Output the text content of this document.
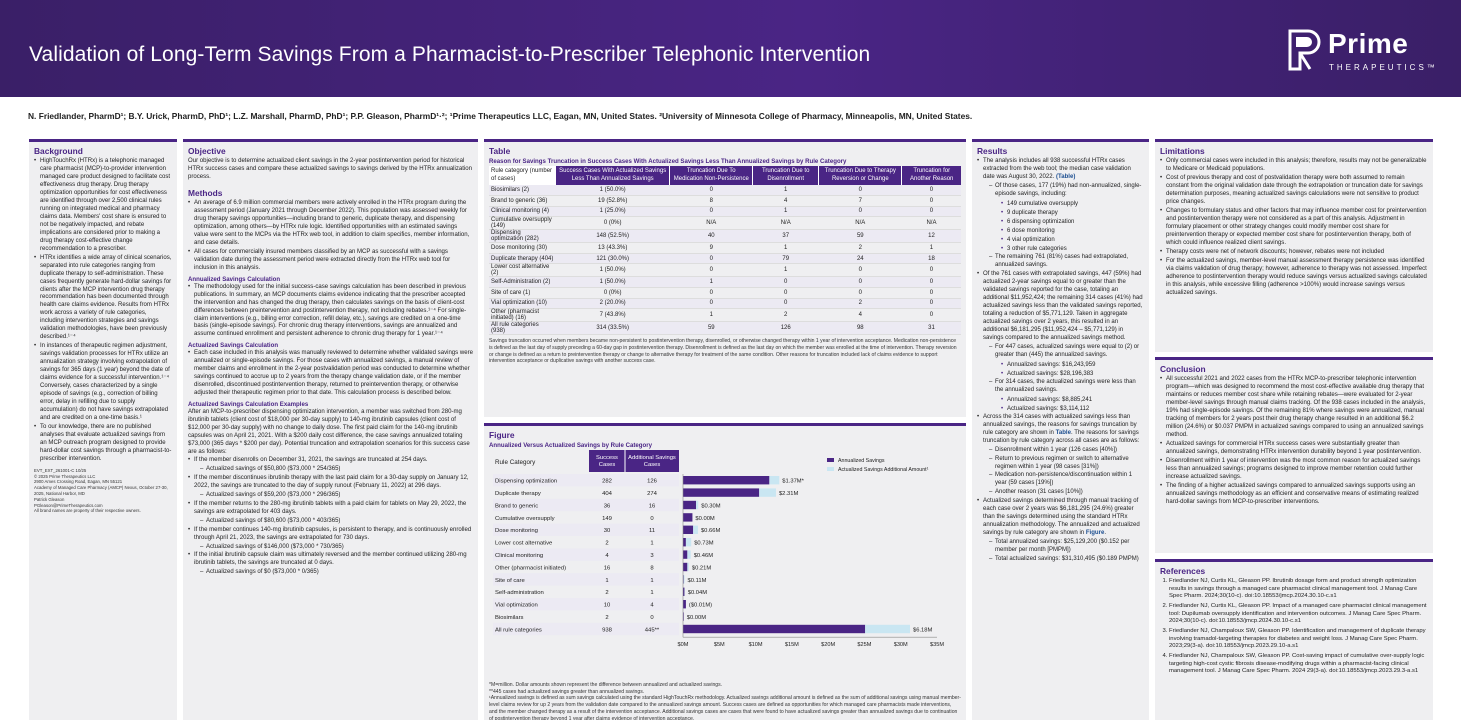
Validation of Long-Term Savings From a Pharmacist-to-Prescriber Telephonic Intervention	Prime
THERAPEUTICS™
N. Friedlander, PharmD¹; B.Y. Urick, PharmD, PhD¹; L.Z. Marshall, PharmD, PhD¹; P.P. Gleason, PharmD¹·²; ¹Prime Therapeutics LLC, Eagan, MN, United States. ²University of Minnesota College of Pharmacy, Minneapolis, MN, United States.
Background
• HighTouchRx (HTRx) is a telephonic managed care pharmacist (MCP)-to-provider intervention managed care product designed to facilitate cost effectiveness drug therapy. Drug therapy optimization opportunities for cost effectiveness are identified through over 2,500 clinical rules running on integrated medical and pharmacy claims data. Members' cost share is ensured to not be negatively impacted, and rebate implications are considered prior to making a drug therapy cost-effective change recommendation to a prescriber.
• HTRx identifies a wide array of clinical scenarios, separated into rule categories ranging from duplicate therapy to self-administration. These cases frequently generate hard-dollar savings for clients after the MCP intervention drug therapy recommendation has been documented through health care claims evidence. Results from HTRx work across a variety of rule categories, including intervention strategies and savings validation methodologies, have been previously described.¹⁻⁴
• In instances of therapeutic regimen adjustment, savings validation processes for HTRx utilize an annualization strategy involving extrapolation of savings for 365 days (1 year) beyond the date of claims evidence for a successful intervention.¹⁻⁴ Conversely, cases characterized by a single episode of savings (e.g., correction of billing error, delay in refilling due to supply accumulation) do not have savings extrapolated and are credited on a one-time basis.¹
• To our knowledge, there are no published analyses that evaluate actualized savings from an MCP outreach program designed to provide hard-dollar cost savings through a pharmacist-to-prescriber intervention.
EVT_EXT_261001-C 10/25
© 2025 Prime Therapeutics LLC
2900 Ames Crossing Road, Eagan, MN 55121
Academy of Managed Care Pharmacy (AMCP) Nexus, October 27-30, 2025, National Harbor, MD
Patrick Gleason
PGleason@PrimeTherapeutics.com
All brand names are property of their respective owners.
Objective
Our objective is to determine actualized client savings in the 2-year postintervention period for historical HTRx success cases and compare these actualized savings to savings derived by the HTRx annualization process.
Methods
• An average of 6.9 million commercial members were actively enrolled in the HTRx program during the assessment period (January 2021 through December 2022). This population was assessed weekly for drug therapy savings opportunities—including brand to generic, duplicate therapy, and dispensing optimization, among others—by HTRx rule logic. Identified opportunities with an estimated savings value were sent to the MCPs via the HTRx web tool, in addition to claim specifics, member information, and case details.
• All cases for commercially insured members classified by an MCP as successful with a savings validation date during the assessment period were extracted directly from the HTRx web tool for inclusion in this analysis.
Annualized Savings Calculation
• The methodology used for the initial success-case savings calculation has been described in previous publications. In summary, an MCP documents claims evidence indicating that the prescriber accepted the intervention and has changed the drug therapy, then calculates savings on the basis of client-cost differences between preintervention and postintervention therapy, not including rebates.¹⁻⁴ For single-claim interventions (e.g., billing error correction, refill delay, etc.), savings are credited on a one-time basis (single-episode savings). For chronic drug therapy interventions, savings are annualized and assume continued enrollment and persistent adherence to chronic drug therapy for 1 year.¹⁻⁴
Actualized Savings Calculation
• Each case included in this analysis was manually reviewed to determine whether validated savings were annualized or single-episode savings. For those cases with annualized savings, a manual review of member claims and enrollment in the 2-year postvalidation period was conducted to determine whether savings continued to accrue up to 2 years from the therapy change validation date, or if the member disenrolled, discontinued postintervention therapy, returned to preintervention therapy, or otherwise adjusted their therapeutic regimen prior to that date. This calculation process is described below.
Actualized Savings Calculation Examples
After an MCP-to-prescriber dispensing optimization intervention, a member was switched from 280-mg ibrutinib tablets (client cost of $18,000 per 30-day supply) to 140-mg ibrutinib capsules (client cost of $12,000 per 30-day supply) with no change to daily dose. The first paid claim for the 140-mg ibrutinib capsules was on April 21, 2021. With a $200 daily cost difference, the case savings annualized totaling $73,000 (365 days * $200 per day). Potential truncation and extrapolation scenarios for this success case are as follows:
• If the member disenrolls on December 31, 2021, the savings are truncated at 254 days.
– Actualized savings of $50,800 ($73,000 * 254/365)
• If the member discontinues ibrutinib therapy with the last paid claim for a 30-day supply on January 12, 2022, the savings are truncated to the day of supply runout (February 11, 2022) at 296 days.
– Actualized savings of $59,200 ($73,000 * 296/365)
• If the member returns to the 280-mg ibrutinib tablets with a paid claim for tablets on May 29, 2022, the savings are extrapolated for 403 days.
– Actualized savings of $80,600 ($73,000 * 403/365)
• If the member continues 140-mg ibrutinib capsules, is persistent to therapy, and is continuously enrolled through April 21, 2023, the savings are extrapolated for 730 days.
– Actualized savings of $146,000 ($73,000 * 730/365)
• If the initial ibrutinib capsule claim was ultimately reversed and the member continued utilizing 280-mg ibrutinib tablets, the savings are truncated at 0 days.
– Actualized savings of $0 ($73,000 * 0/365)
Table
Reason for Savings Truncation in Success Cases With Actualized Savings Less Than Annualized Savings by Rule Category
Rule category (number of cases)	Success Cases With Actualized Savings Less Than Annualized Savings	Truncation Due To Medication Non-Persistence	Truncation Due to Disenrollment	Truncation Due to Therapy Reversion or Change	Truncation for Another Reason
Biosimilars (2)	1 (50.0%)	0	1	0	0
Brand to generic (36)	19 (52.8%)	8	4	7	0
Clinical monitoring (4)	1 (25.0%)	0	1	0	0
Cumulative oversupply (149)	0 (0%)	N/A	N/A	N/A	N/A
Dispensing optimization (282)	148 (52.5%)	40	37	59	12
Dose monitoring (30)	13 (43.3%)	9	1	2	1
Duplicate therapy (404)	121 (30.0%)	0	79	24	18
Lower cost alternative (2)	1 (50.0%)	0	1	0	0
Self-Administration (2)	1 (50.0%)	1	0	0	0
Site of care (1)	0 (0%)	0	0	0	0
Vial optimization (10)	2 (20.0%)	0	0	2	0
Other (pharmacist initiated) (16)	7 (43.8%)	1	2	4	0
All rule categories (938)	314 (33.5%)	59	126	98	31
Savings truncation occurred when members became non-persistent to postintervention therapy, disenrolled, or otherwise changed therapy within 1 year of intervention acceptance. Medication non-persistence is defined as the last day of supply preceding a 60-day gap in postintervention therapy. Disenrollment is defined as the last day on which the member was enrolled at the time of intervention. Therapy reversion or change is defined as a return to preintervention therapy or change to alternative therapy for treatment of the same condition. Other reasons for truncation included lack of claims evidence to support intervention acceptance or duplicative savings with another success case.
Figure
Annualized Versus Actualized Savings by Rule Category
Rule Category
Success
Cases
Additional Savings
Cases
Annualized Savings
Actualized Savings Additional Amount¹
Dispensing optimization	282	126	$1.37M*
Duplicate therapy	404	274	$2.31M
Brand to generic	36	16	$0.30M
Cumulative oversupply	149	0	$0.00M
Dose monitoring	30	11	$0.66M
Lower cost alternative	2	1	$0.73M
Clinical monitoring	4	3	$0.46M
Other (pharmacist initiated)	16	8	$0.21M
Site of care	1	1	$0.11M
Self-administration	2	1	$0.04M
Vial optimization	10	4	($0.01M)
Biosimilars	2	0	$0.00M
All rule categories	938	445**	$6.18M
$0M	$5M	$10M	$15M	$20M	$25M	$30M	$35M
*M=million. Dollar amounts shown represent the difference between annualized and actualized savings.
**445 cases had actualized savings greater than annualized savings.
¹Annualized savings is defined as sum savings calculated using the standard HighTouchRx methodology. Actualized savings additional amount is defined as the sum of additional savings using manual member-level claims review for up 2 years from the validation date compared to the annualized savings amount. Success cases are defined as opportunities for which managed care pharmacists made interventions, and the member changed therapy as a result of the intervention acceptance. Additional savings cases are cases that were found to have actualized savings greater than annualized savings due to continuation of postintervention therapy beyond 1 year after claims evidence of intervention acceptance.
Results
• The analysis includes all 938 successful HTRx cases extracted from the web tool; the median case validation date was August 30, 2022. (Table)
– Of those cases, 177 (19%) had non-annualized, single-episode savings, including:
• 149 cumulative oversupply
• 9 duplicate therapy
• 6 dispensing optimization
• 6 dose monitoring
• 4 vial optimization
• 3 other rule categories
– The remaining 761 (81%) cases had extrapolated, annualized savings.
• Of the 761 cases with extrapolated savings, 447 (59%) had actualized 2-year savings equal to or greater than the validated savings reported for the case, totaling an additional $11,952,424; the remaining 314 cases (41%) had actualized savings less than the validated savings reported, totaling a reduction of $5,771,129. Taken in aggregate actualized savings over 2 years, this resulted in an additional $6,181,295 ($11,952,424 – $5,771,129) in savings compared to the annualized savings method.
– For 447 cases, actualized savings were equal to (2) or greater than (445) the annualized savings.
• Annualized savings: $16,243,959
• Actualized savings: $28,196,383
– For 314 cases, the actualized savings were less than the annualized savings.
• Annualized savings: $8,885,241
• Actualized savings: $3,114,112
• Across the 314 cases with actualized savings less than annualized savings, the reasons for savings truncation by rule category are shown in Table. The reasons for savings truncation by rule category across all cases are as follows:
– Disenrollment within 1 year (126 cases [40%])
– Return to previous regimen or switch to alternative regimen within 1 year (98 cases [31%])
– Medication non-persistence/discontinuation within 1 year (59 cases [19%])
– Another reason (31 cases [10%])
• Actualized savings determined through manual tracking of each case over 2 years was $6,181,295 (24.6%) greater than the savings determined using the standard HTRx annualization methodology. The annualized and actualized savings by rule category are shown in Figure.
– Total annualized savings: $25,129,200 ($0.152 per member per month [PMPM])
– Total actualized savings: $31,310,495 ($0.189 PMPM)
Limitations
• Only commercial cases were included in this analysis; therefore, results may not be generalizable to Medicare or Medicaid populations.
• Cost of previous therapy and cost of postvalidation therapy were both assumed to remain constant from the original validation date through the extrapolation or truncation date for savings determination purposes, meaning actualized savings calculations were not sensitive to product price changes.
• Changes to formulary status and other factors that may influence member cost for preintervention and postintervention therapy were not considered as a part of this analysis. Adjustment in formulary placement or other strategy changes could modify member cost share for preintervention therapy or expected member cost share for postintervention therapy, both of which could influence realized client savings.
• Therapy costs were net of network discounts; however, rebates were not included
• For the actualized savings, member-level manual assessment therapy persistence was identified via claims validation of drug therapy; however, adherence to therapy was not assessed. Imperfect adherence to postintervention therapy would reduce savings versus actualized savings calculated in this analysis, while excessive filling (adherence >100%) would increase savings versus actualized savings.
Conclusion
• All successful 2021 and 2022 cases from the HTRx MCP-to-prescriber telephonic intervention program—which was designed to recommend the most cost-effective available drug therapy that maintains or reduces member cost share while retaining rebates—were evaluated for 2-year member-level savings through manual claims tracking. Of the 938 cases included in the analysis, 19% had single-episode savings. Of the remaining 81% where savings were annualized, manual tracking of members for 2 years post their drug therapy change resulted in an additional $6.2 million (24.6%) or $0.037 PMPM in actualized savings compared to using an annualized savings method.
• Actualized savings for commercial HTRx success cases were substantially greater than annualized savings, demonstrating HTRx intervention durability beyond 1 year postintervention.
• Disenrollment within 1 year of intervention was the most common reason for actualized savings less than annualized savings; programs designed to improve member retention could further increase actualized savings.
• The finding of a higher actualized savings compared to annualized savings supports using an annualized savings methodology as an efficient and conservative means of estimating realized hard-dollar savings from MCP-to-prescriber interventions.
References
1. Friedlander NJ, Curtis KL, Gleason PP. Ibrutinib dosage form and product strength optimization results in savings through a managed care pharmacist clinical management tool. J Manag Care Spec Pharm. 2024;30(10-c). doi:10.18553/jmcp.2024.30.10-c.s1
2. Friedlander NJ, Curtis KL, Gleason PP. Impact of a managed care pharmacist clinical management tool: Dupilumab oversupply identification and intervention outcomes. J Manag Care Spec Pharm. 2024;30(10-c). doi:10.18553/jmcp.2024.30.10-c.s1
3. Friedlander NJ, Champaloux SW, Gleason PP. Identification and management of duplicate therapy involving tramadol-targeting therapies for diabetes and weight loss. J Manag Care Spec Pharm. 2023;29(3-a). doi:10.18553/jmcp.2023.29.10-a.s1
4. Friedlander NJ, Champaloux SW, Gleason PP. Cost-saving impact of cumulative over-supply logic targeting high-cost cystic fibrosis disease-modifying drugs within a pharmacist-facing clinical management tool. J Manag Care Spec Pharm. 2024 29(3-a). doi:10.18553/jmcp.2023.29.3-a.s1
